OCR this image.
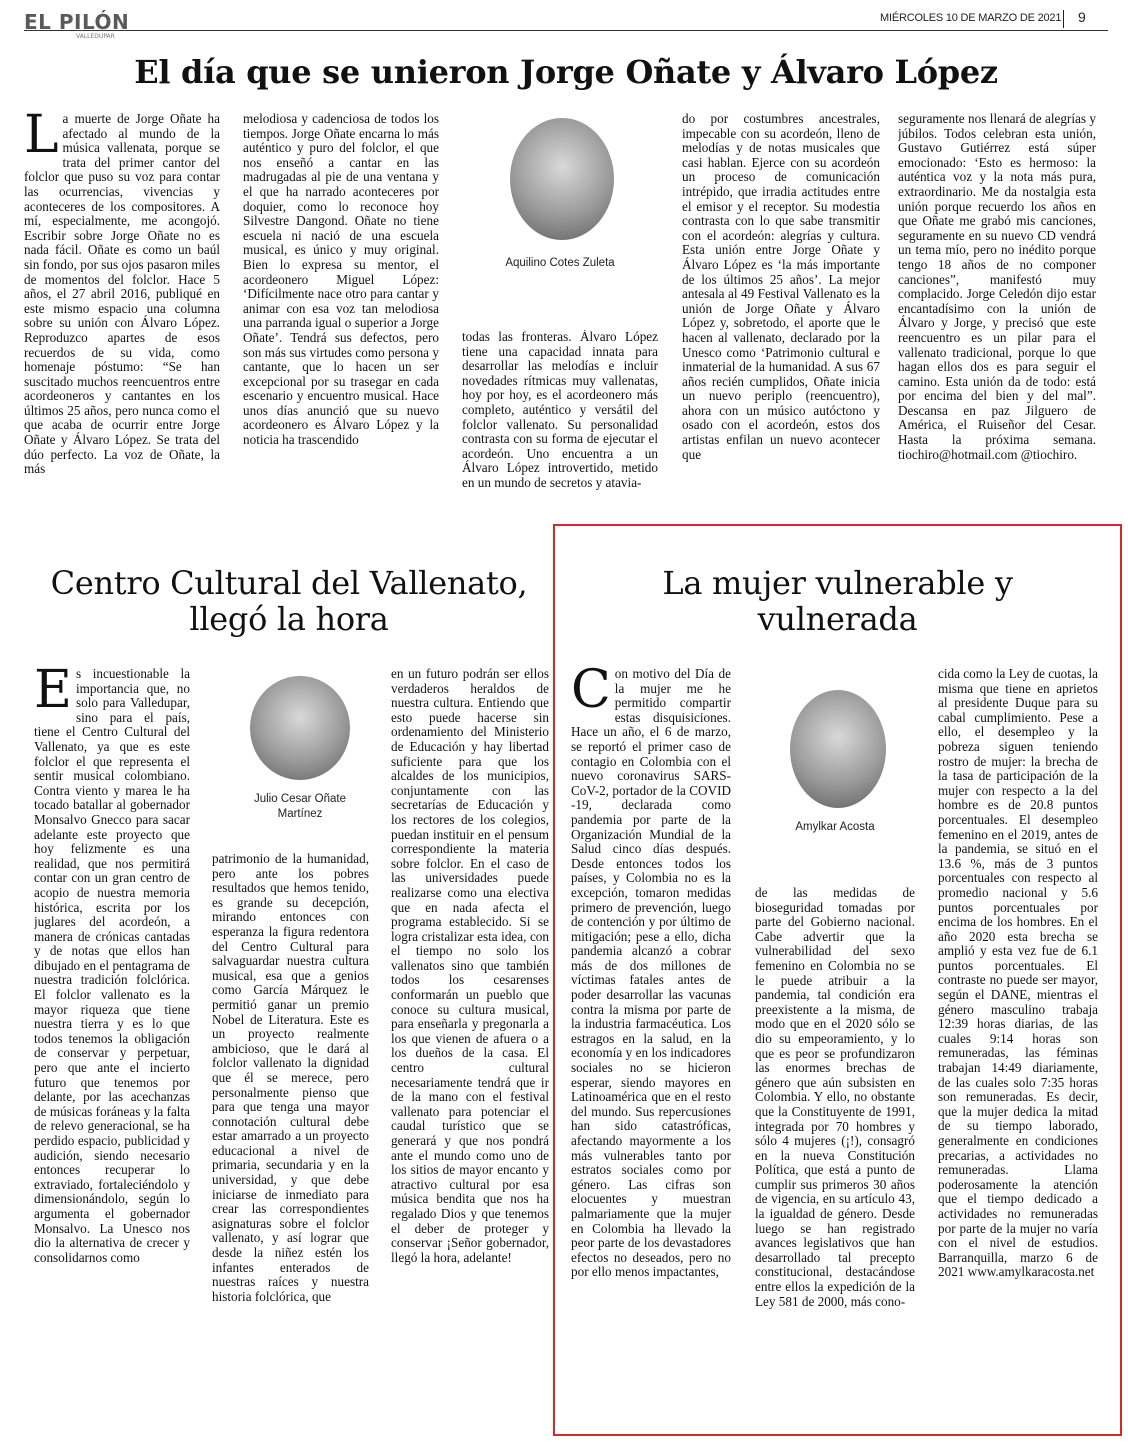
EL PILÓN
VALLEDUPAR
MIÉRCOLES 10 DE MARZO DE 2021 9
El día que se unieron Jorge Oñate y Álvaro López
L a muerte de Jorge Oñate ha afectado al mundo de la música vallenata, porque se trata del primer cantor del folclor que puso su voz para contar las ocurrencias, vivencias y aconteceres de los compositores. A mí, especialmente, me acongojó. Escribir sobre Jorge Oñate no es nada fácil. Oñate es como un baúl sin fondo, por sus ojos pasaron miles de momentos del folclor. Hace 5 años, el 27 abril 2016, publiqué en este mismo espacio una columna sobre su unión con Álvaro López. Reproduzco apartes de esos recuerdos de su vida, como homenaje póstumo: “Se han suscitado muchos reencuentros entre acordeoneros y cantantes en los últimos 25 años, pero nunca como el que acaba de ocurrir entre Jorge Oñate y Álvaro López. Se trata del dúo perfecto. La voz de Oñate, la más
melodiosa y cadenciosa de todos los tiempos. Jorge Oñate encarna lo más auténtico y puro del folclor, el que nos enseñó a cantar en las madrugadas al pie de una ventana y el que ha narrado aconteceres por doquier, como lo reconoce hoy Silvestre Dangond. Oñate no tiene escuela ni nació de una escuela musical, es único y muy original. Bien lo expresa su mentor, el acordeonero Miguel López: ‘Difícilmente nace otro para cantar y animar con esa voz tan melodiosa una parranda igual o superior a Jorge Oñate’. Tendrá sus defectos, pero son más sus virtudes como persona y cantante, que lo hacen un ser excepcional por su trasegar en cada escenario y encuentro musical. Hace unos días anunció que su nuevo acordeonero es Álvaro López y la noticia ha trascendido
Aquilino Cotes Zuleta
todas las fronteras. Álvaro López tiene una capacidad innata para desarrollar las melodías e incluir novedades rítmicas muy vallenatas, hoy por hoy, es el acordeonero más completo, auténtico y versátil del folclor vallenato. Su personalidad contrasta con su forma de ejecutar el acordeón. Uno encuentra a un Álvaro López introvertido, metido en un mundo de secretos y atavia-
do por costumbres ancestrales, impecable con su acordeón, lleno de melodías y de notas musicales que casi hablan. Ejerce con su acordeón un proceso de comunicación intrépido, que irradia actitudes entre el emisor y el receptor. Su modestia contrasta con lo que sabe transmitir con el acordeón: alegrías y cultura. Esta unión entre Jorge Oñate y Álvaro López es ‘la más importante de los últimos 25 años’. La mejor antesala al 49 Festival Vallenato es la unión de Jorge Oñate y Álvaro López y, sobretodo, el aporte que le hacen al vallenato, declarado por la Unesco como ‘Patrimonio cultural e inmaterial de la humanidad. A sus 67 años recién cumplidos, Oñate inicia un nuevo periplo (reencuentro), ahora con un músico autóctono y osado con el acordeón, estos dos artistas enfilan un nuevo acontecer que
seguramente nos llenará de alegrías y júbilos. Todos celebran esta unión, Gustavo Gutiérrez está súper emocionado: ‘Esto es hermoso: la auténtica voz y la nota más pura, extraordinario. Me da nostalgia esta unión porque recuerdo los años en que Oñate me grabó mis canciones, seguramente en su nuevo CD vendrá un tema mío, pero no inédito porque tengo 18 años de no componer canciones”, manifestó muy complacido. Jorge Celedón dijo estar encantadísimo con la unión de Álvaro y Jorge, y precisó que este reencuentro es un pilar para el vallenato tradicional, porque lo que hagan ellos dos es para seguir el camino. Esta unión da de todo: está por encima del bien y del mal”. Descansa en paz Jilguero de América, el Ruiseñor del Cesar. Hasta la próxima semana. tiochiro@hotmail.com @tiochiro.
Centro Cultural del Vallenato,
llegó la hora
E s incuestionable la importancia que, no solo para Valledupar, sino para el país, tiene el Centro Cultural del Vallenato, ya que es este folclor el que representa el sentir musical colombiano. Contra viento y marea le ha tocado batallar al gobernador Monsalvo Gnecco para sacar adelante este proyecto que hoy felizmente es una realidad, que nos permitirá contar con un gran centro de acopio de nuestra memoria histórica, escrita por los juglares del acordeón, a manera de crónicas cantadas y de notas que ellos han dibujado en el pentagrama de nuestra tradición folclórica. El folclor vallenato es la mayor riqueza que tiene nuestra tierra y es lo que todos tenemos la obligación de conservar y perpetuar, pero que ante el incierto futuro que tenemos por delante, por las acechanzas de músicas foráneas y la falta de relevo generacional, se ha perdido espacio, publicidad y audición, siendo necesario entonces recuperar lo extraviado, fortaleciéndolo y dimensionándolo, según lo argumenta el gobernador Monsalvo. La Unesco nos dio la alternativa de crecer y consolidarnos como
Julio Cesar Oñate
Martínez
patrimonio de la humanidad, pero ante los pobres resultados que hemos tenido, es grande su decepción, mirando entonces con esperanza la figura redentora del Centro Cultural para salvaguardar nuestra cultura musical, esa que a genios como García Márquez le permitió ganar un premio Nobel de Literatura. Este es un proyecto realmente ambicioso, que le dará al folclor vallenato la dignidad que él se merece, pero personalmente pienso que para que tenga una mayor connotación cultural debe estar amarrado a un proyecto educacional a nivel de primaria, secundaria y en la universidad, y que debe iniciarse de inmediato para crear las correspondientes asignaturas sobre el folclor vallenato, y así lograr que desde la niñez estén los infantes enterados de nuestras raíces y nuestra historia folclórica, que
en un futuro podrán ser ellos verdaderos heraldos de nuestra cultura. Entiendo que esto puede hacerse sin ordenamiento del Ministerio de Educación y hay libertad suficiente para que los alcaldes de los municipios, conjuntamente con las secretarías de Educación y los rectores de los colegios, puedan instituir en el pensum correspondiente la materia sobre folclor. En el caso de las universidades puede realizarse como una electiva que en nada afecta el programa establecido. Si se logra cristalizar esta idea, con el tiempo no solo los vallenatos sino que también todos los cesarenses conformarán un pueblo que conoce su cultura musical, para enseñarla y pregonarla a los que vienen de afuera o a los dueños de la casa. El centro cultural necesariamente tendrá que ir de la mano con el festival vallenato para potenciar el caudal turístico que se generará y que nos pondrá ante el mundo como uno de los sitios de mayor encanto y atractivo cultural por esa música bendita que nos ha regalado Dios y que tenemos el deber de proteger y conservar ¡Señor gobernador, llegó la hora, adelante!
La mujer vulnerable y
vulnerada
C on motivo del Día de la mujer me he permitido compartir estas disquisiciones. Hace un año, el 6 de marzo, se reportó el primer caso de contagio en Colombia con el nuevo coronavirus SARS-CoV-2, portador de la COVID -19, declarada como pandemia por parte de la Organización Mundial de la Salud cinco días después. Desde entonces todos los países, y Colombia no es la excepción, tomaron medidas primero de prevención, luego de contención y por último de mitigación; pese a ello, dicha pandemia alcanzó a cobrar más de dos millones de víctimas fatales antes de poder desarrollar las vacunas contra la misma por parte de la industria farmacéutica. Los estragos en la salud, en la economía y en los indicadores sociales no se hicieron esperar, siendo mayores en Latinoamérica que en el resto del mundo. Sus repercusiones han sido catastróficas, afectando mayormente a los más vulnerables tanto por estratos sociales como por género. Las cifras son elocuentes y muestran palmariamente que la mujer en Colombia ha llevado la peor parte de los devastadores efectos no deseados, pero no por ello menos impactantes,
Amylkar Acosta
de las medidas de bioseguridad tomadas por parte del Gobierno nacional. Cabe advertir que la vulnerabilidad del sexo femenino en Colombia no se le puede atribuir a la pandemia, tal condición era preexistente a la misma, de modo que en el 2020 sólo se dio su empeoramiento, y lo que es peor se profundizaron las enormes brechas de género que aún subsisten en Colombia. Y ello, no obstante que la Constituyente de 1991, integrada por 70 hombres y sólo 4 mujeres (¡!), consagró en la nueva Constitución Política, que está a punto de cumplir sus primeros 30 años de vigencia, en su artículo 43, la igualdad de género. Desde luego se han registrado avances legislativos que han desarrollado tal precepto constitucional, destacándose entre ellos la expedición de la Ley 581 de 2000, más cono-
cida como la Ley de cuotas, la misma que tiene en aprietos al presidente Duque para su cabal cumplimiento. Pese a ello, el desempleo y la pobreza siguen teniendo rostro de mujer: la brecha de la tasa de participación de la mujer con respecto a la del hombre es de 20.8 puntos porcentuales. El desempleo femenino en el 2019, antes de la pandemia, se situó en el 13.6 %, más de 3 puntos porcentuales con respecto al promedio nacional y 5.6 puntos porcentuales por encima de los hombres. En el año 2020 esta brecha se amplió y esta vez fue de 6.1 puntos porcentuales. El contraste no puede ser mayor, según el DANE, mientras el género masculino trabaja 12:39 horas diarias, de las cuales 9:14 horas son remuneradas, las féminas trabajan 14:49 diariamente, de las cuales solo 7:35 horas son remuneradas. Es decir, que la mujer dedica la mitad de su tiempo laborado, generalmente en condiciones precarias, a actividades no remuneradas. Llama poderosamente la atención que el tiempo dedicado a actividades no remuneradas por parte de la mujer no varía con el nivel de estudios. Barranquilla, marzo 6 de 2021 www.amylkaracosta.net
